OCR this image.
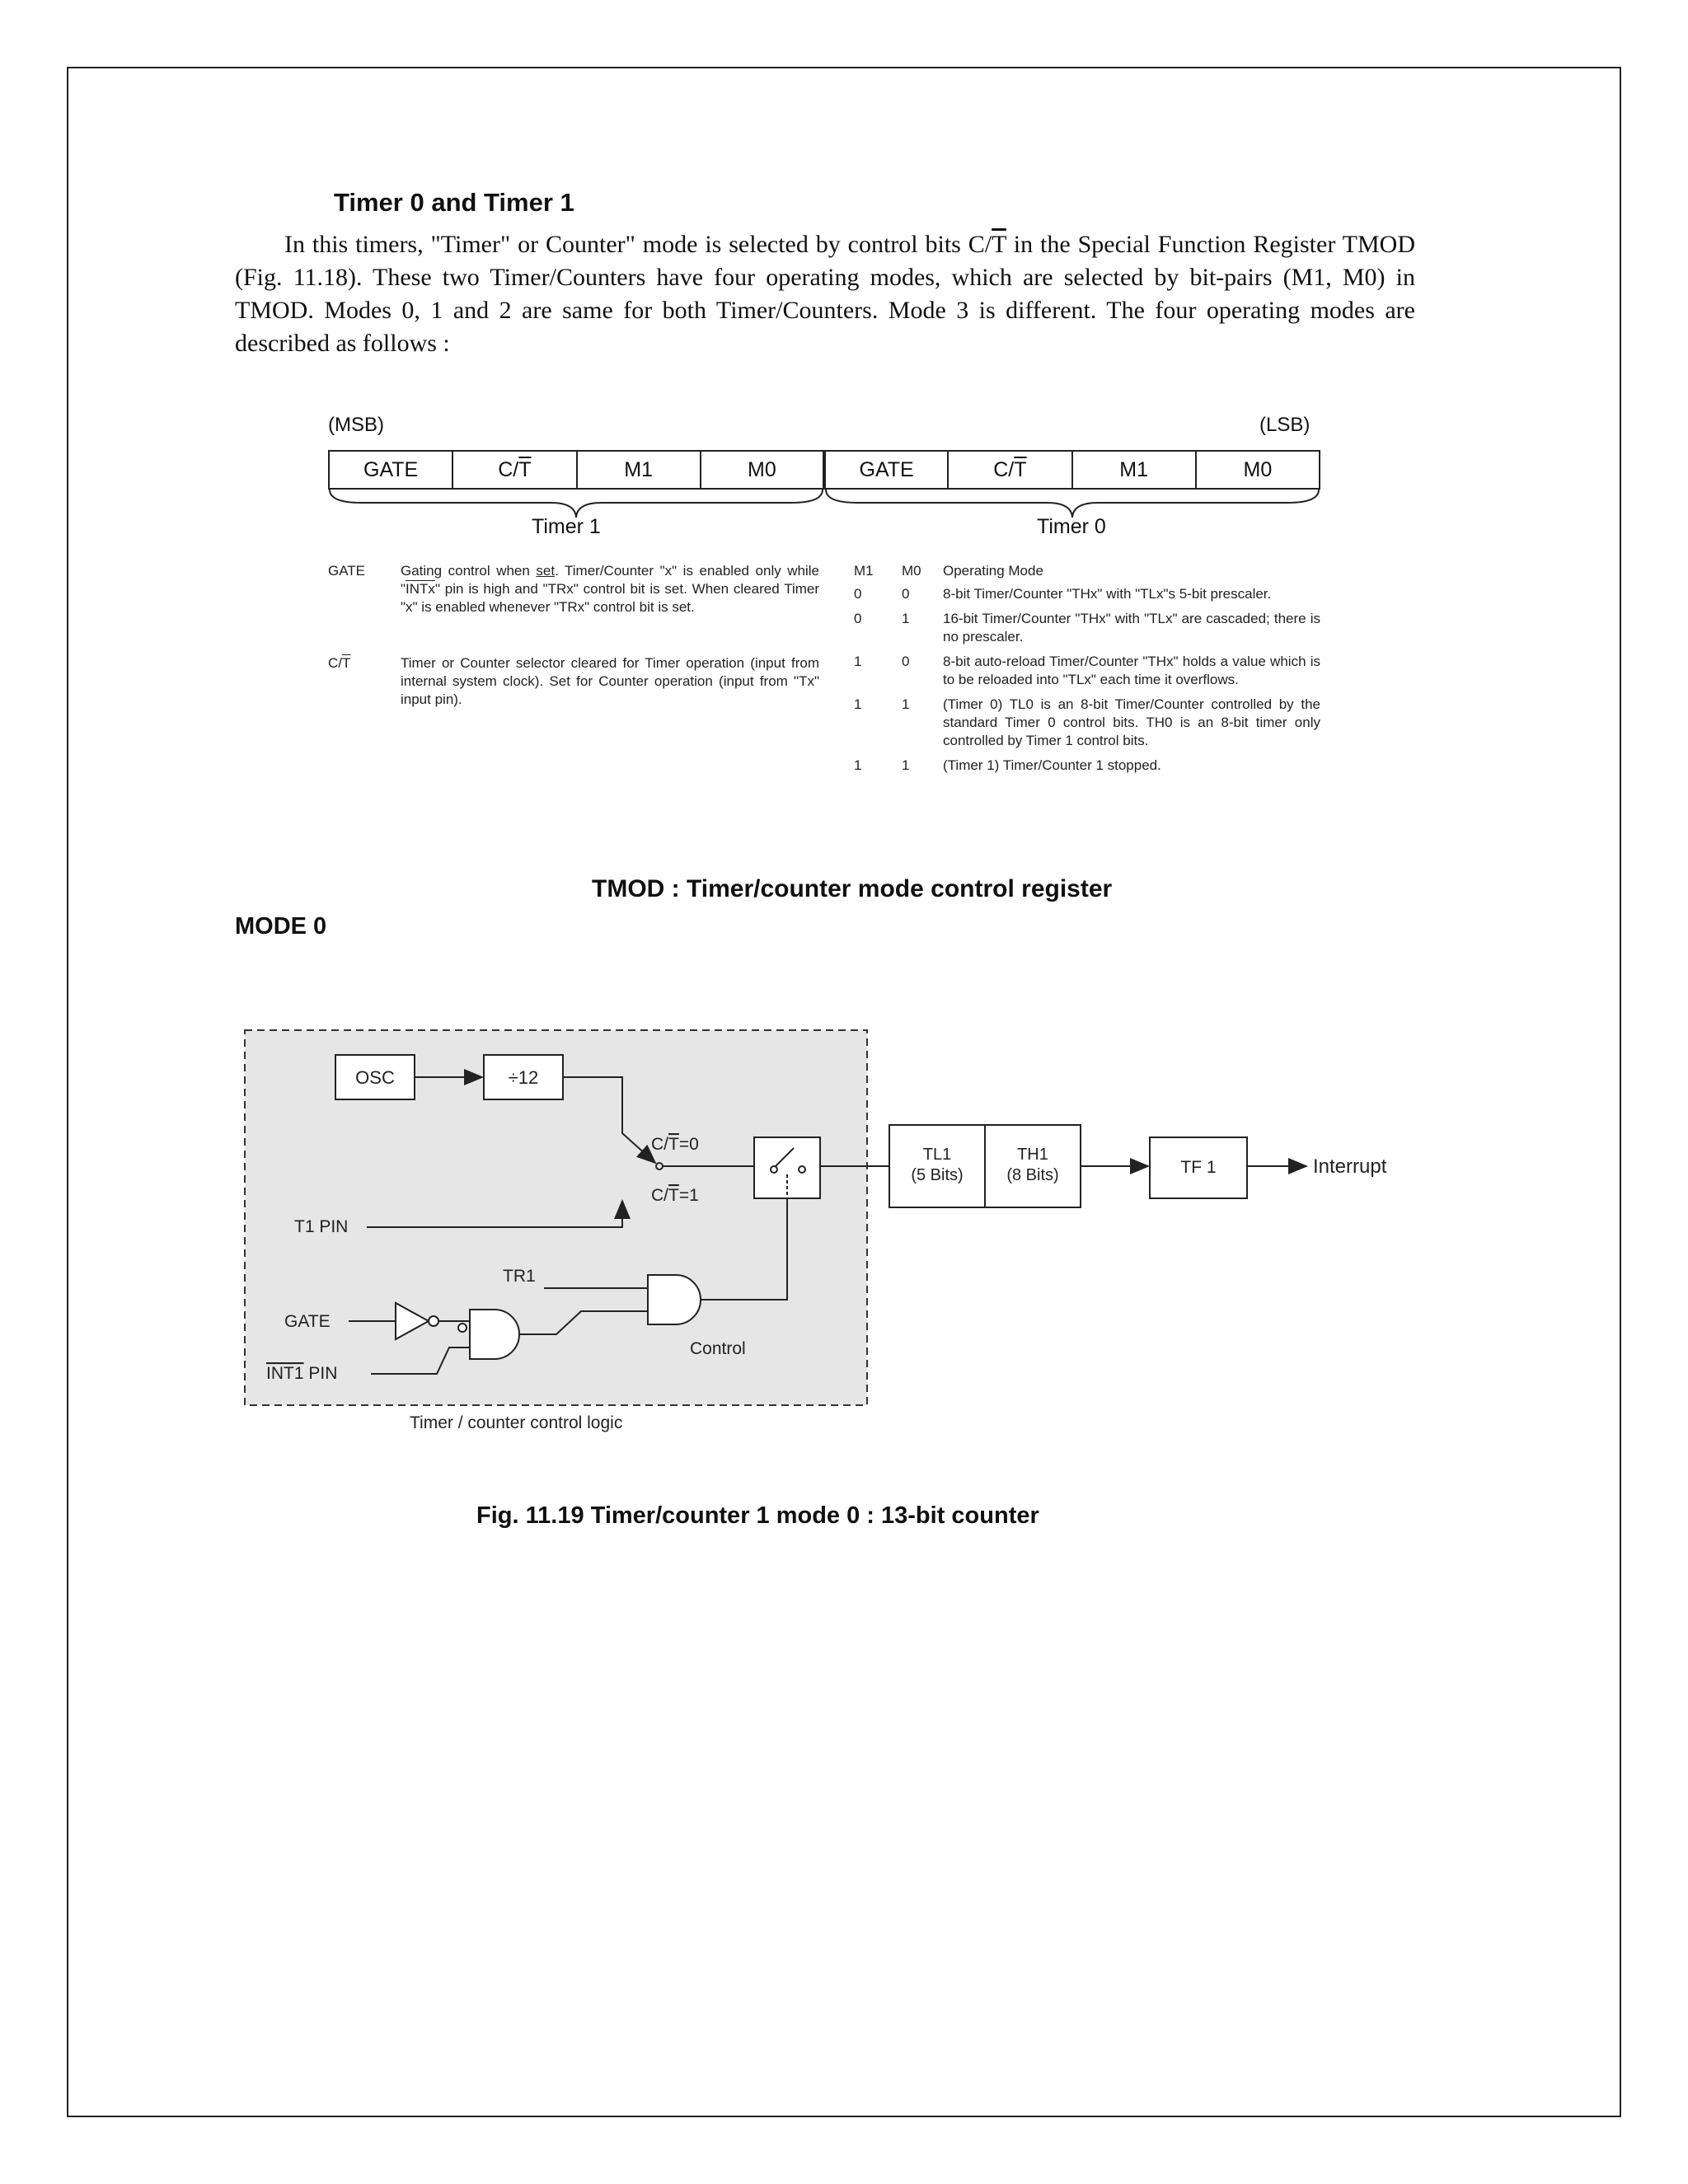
Timer 0 and Timer 1
In this timers, "Timer" or Counter" mode is selected by control bits $C/\overline{T}$ in the Special Function Register TMOD (Fig. 11.18). These two Timer/Counters have four operating modes, which are selected by bit-pairs (M1, M0) in TMOD. Modes 0, 1 and 2 are same for both Timer/Counters. Mode 3 is different. The four operating modes are described as follows :
(MSB)	(LSB)
GATE	$C/\overline{T}$	M1	M0	GATE	$C/\overline{T}$	M1	M0
Timer 1	Timer 0
GATE	Gating control when set. Timer/Counter "x" is enabled only while "INTx" pin is high and "TRx" control bit is set. When cleared Timer "x" is enabled whenever "TRx" control bit is set.
$C/\overline{T}$	Timer or Counter selector cleared for Timer operation (input from internal system clock). Set for Counter operation (input from "Tx" input pin).
M1	M0	Operating Mode
0	0	8-bit Timer/Counter "THx" with "TLx"s 5-bit prescaler.
0	1	16-bit Timer/Counter "THx" with "TLx" are cascaded; there is no prescaler.
1	0	8-bit auto-reload Timer/Counter "THx" holds a value which is to be reloaded into "TLx" each time it overflows.
1	1	(Timer 0) TL0 is an 8-bit Timer/Counter controlled by the standard Timer 0 control bits. TH0 is an 8-bit timer only controlled by Timer 1 control bits.
1	1	(Timer 1) Timer/Counter 1 stopped.
TMOD : Timer/counter mode control register
MODE 0
OSC	÷12
C/T=0
C/T=1
T1 PIN
TL1
(5 Bits)
TH1
(8 Bits)	TF 1	Interrupt
TR1
Control
GATE
INT1 PIN
Timer / counter control logic
Fig. 11.19 Timer/counter 1 mode 0 : 13-bit counter
